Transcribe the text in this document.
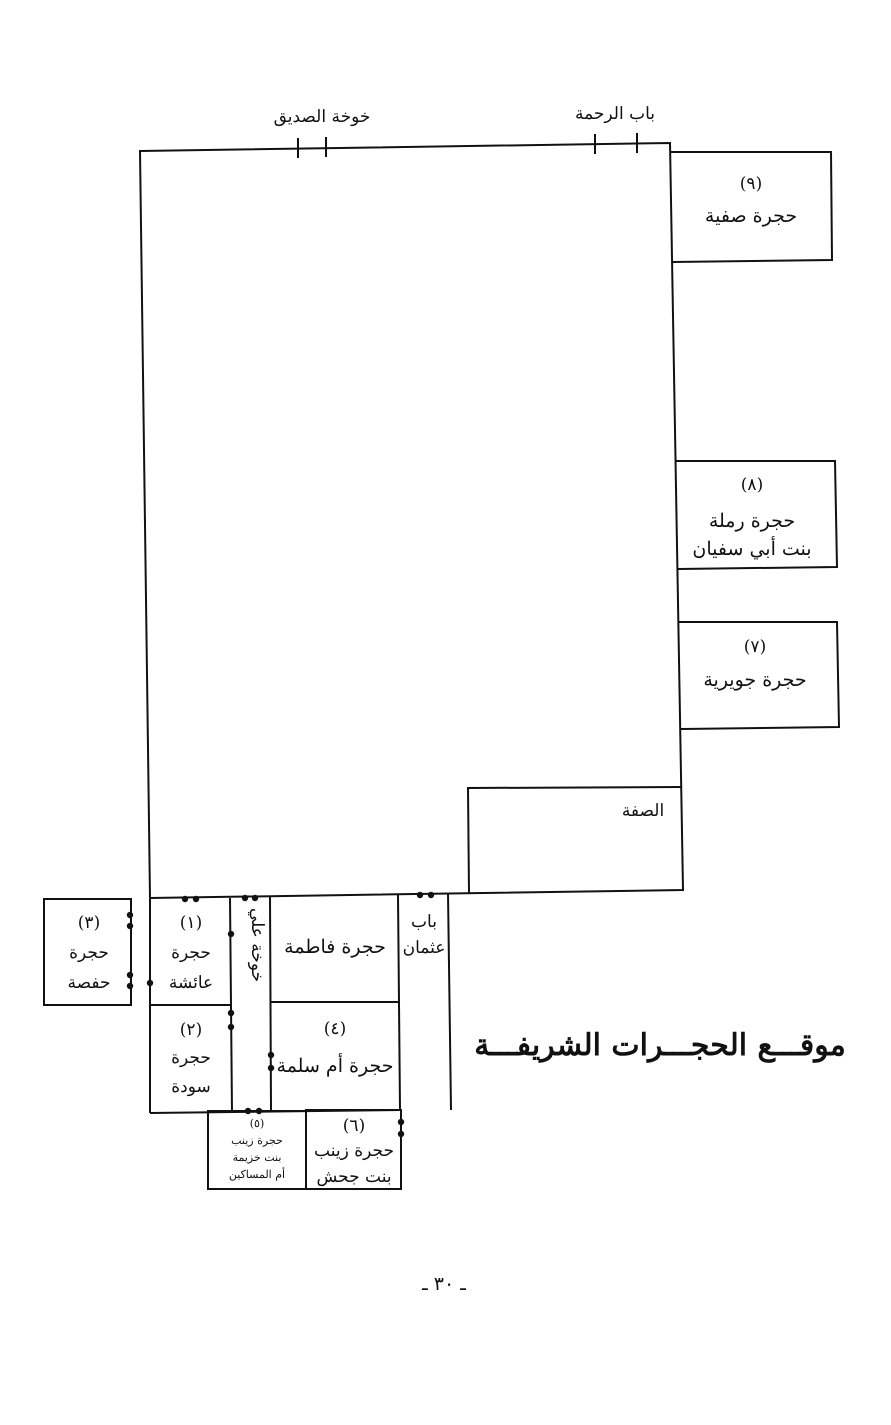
خوخة الصديق	باب الرحمة
(٩)
حجرة صفية
(٨)
حجرة رملة
بنت أبي سفيان
(٧)
حجرة جويرية
الصفة
(٣)
حجرة
حفصة
(١)
حجرة
عائشة
(٢)
حجرة
سودة
خوخة علي حجرة فاطمة
(٤)
حجرة أم سلمة
باب
عثمان
(٥)
حجرة زينب
بنت خزيمة
أم المساكين
(٦)
حجرة زينب
بنت جحش
موقـــع الحجـــرات الشريفـــة
ـ ٣٠ ـ
